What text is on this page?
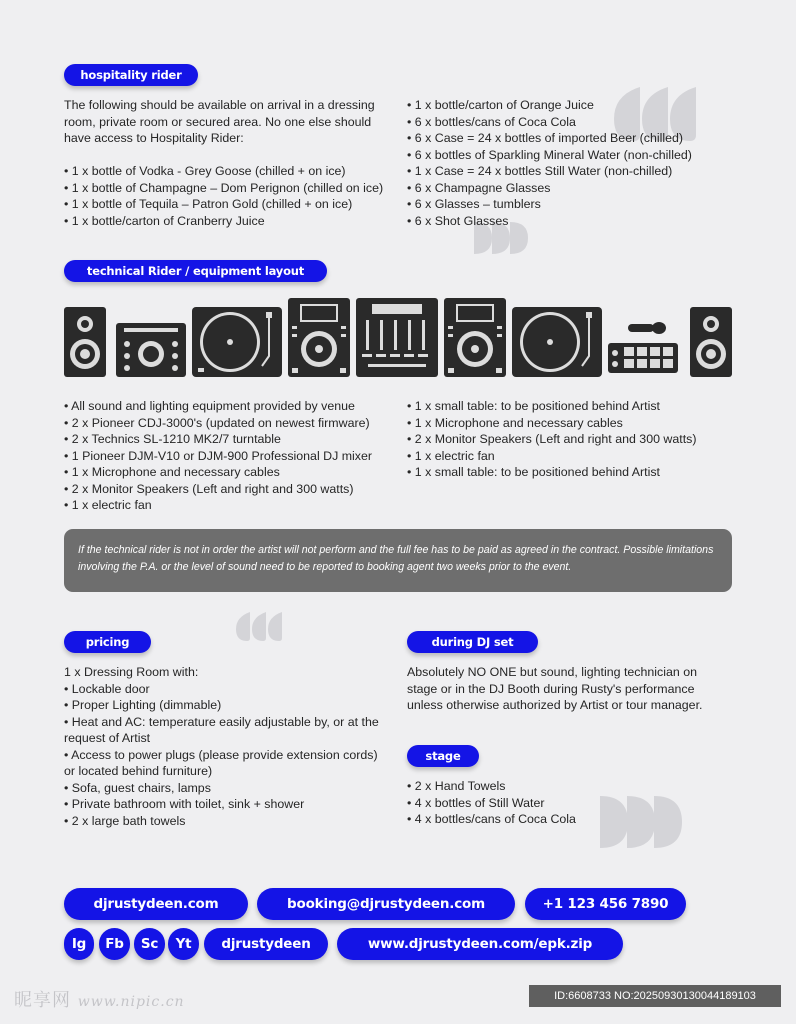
hospitality rider

The following should be available on arrival in a dressing

room, private room or secured area. No one else should

have access to Hospitality Rider:

• 1 x bottle of Vodka - Grey Goose (chilled + on ice)

• 1 x bottle of Champagne – Dom Perignon (chilled on ice)

• 1 x bottle of Tequila – Patron Gold (chilled + on ice)

• 1 x bottle/carton of Cranberry Juice

• 1 x bottle/carton of Orange Juice

• 6 x bottles/cans of Coca Cola

• 6 x Case = 24 x bottles of imported Beer (chilled)

• 6 x bottles of Sparkling Mineral Water (non-chilled)

• 1 x Case = 24 x bottles Still Water (non-chilled)

• 6 x Champagne Glasses

• 6 x Glasses – tumblers

• 6 x Shot Glasses

technical Rider / equipment layout

• All sound and lighting equipment provided by venue

• 2 x Pioneer CDJ-3000's (updated on newest firmware)

• 2 x Technics SL-1210 MK2/7 turntable

• 1 Pioneer DJM-V10 or DJM-900 Professional DJ mixer

• 1 x Microphone and necessary cables

• 2 x Monitor Speakers (Left and right and 300 watts)

• 1 x electric fan

• 1 x small table: to be positioned behind Artist

• 1 x Microphone and necessary cables

• 2 x Monitor Speakers (Left and right and 300 watts)

• 1 x electric fan

• 1 x small table: to be positioned behind Artist

If the technical rider is not in order the artist will not perform and the full fee has to be paid as agreed in the contract. Possible limitations involving the P.A. or the level of sound need to be reported to booking agent two weeks prior to the event.
pricing

1 x Dressing Room with:

• Lockable door

• Proper Lighting (dimmable)

• Heat and AC: temperature easily adjustable by, or at the

request of Artist

• Access to power plugs (please provide extension cords)

or located behind furniture)

• Sofa, guest chairs, lamps

• Private bathroom with toilet, sink + shower

• 2 x large bath towels

during DJ set

Absolutely NO ONE but sound, lighting technician on

stage or in the DJ Booth during Rusty's performance

unless otherwise authorized by Artist or tour manager.

stage

• 2 x Hand Towels

• 4 x bottles of Still Water

• 4 x bottles/cans of Coca Cola

djrustydeen.com	booking@djrustydeen.com	+1 123 456 7890
Ig	Fb	Sc	Yt	djrustydeen	www.djrustydeen.com/epk.zip
昵享网 www.nipic.cn	ID:6608733 NO:20250930130044189103
